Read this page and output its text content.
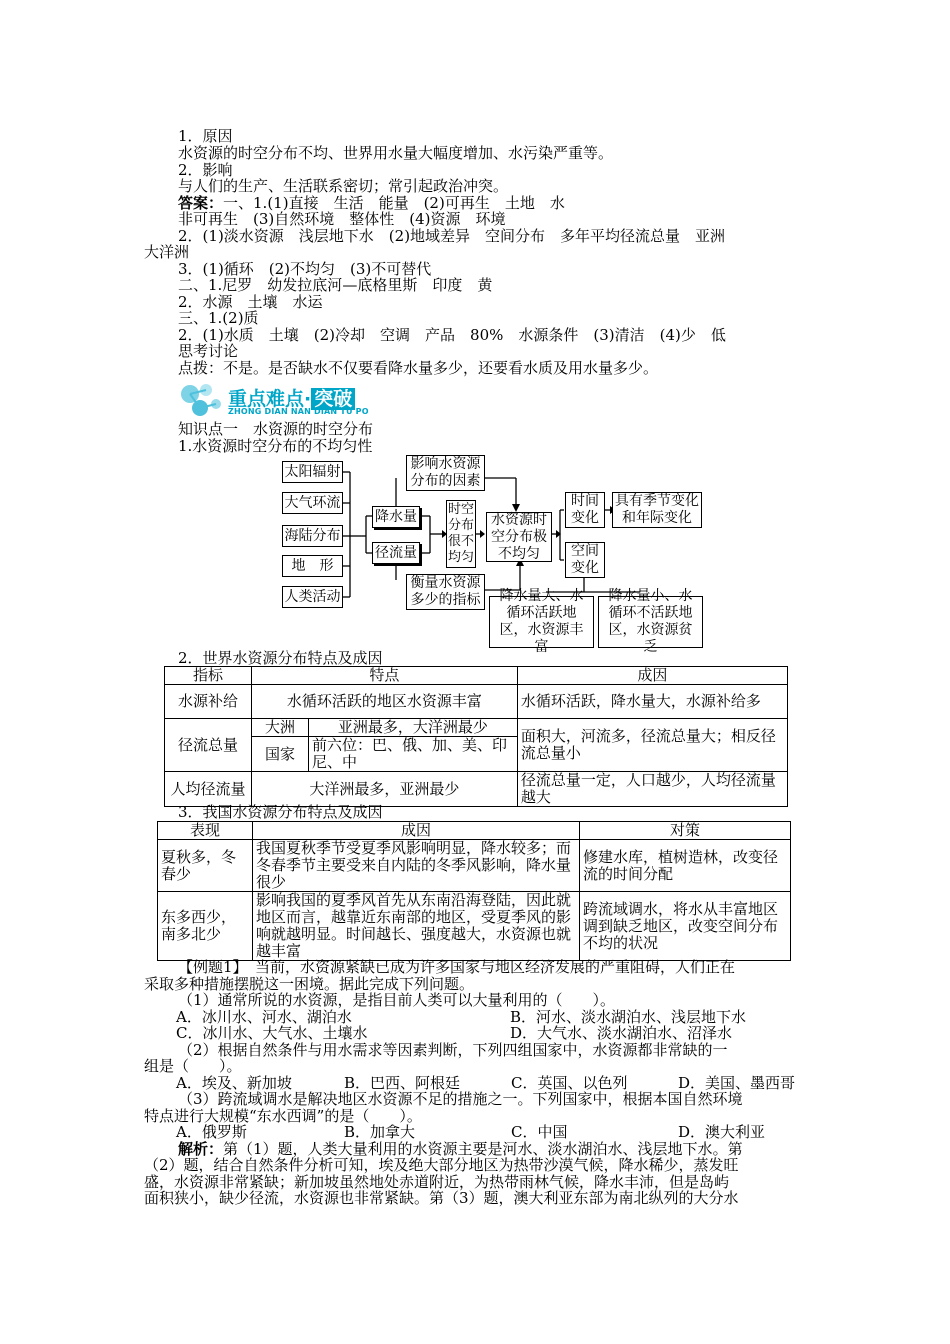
1．原因
水资源的时空分布不均、世界用水量大幅度增加、水污染严重等。
2．影响
与人们的生产、生活联系密切；常引起政治冲突。
答案：一、1.(1)直接　生活　能量　(2)可再生　土地　水
非可再生　(3)自然环境　整体性　(4)资源　环境
2．(1)淡水资源　浅层地下水　(2)地域差异　空间分布　多年平均径流总量　亚洲
大洋洲
3．(1)循环　(2)不均匀　(3)不可替代
二、1.尼罗　幼发拉底河—底格里斯　印度　黄
2．水源　土壤　水运
三、1.(2)质
2．(1)水质　土壤　(2)冷却　空调　产品　80%　水源条件　(3)清洁　(4)少　低
思考讨论
点拨：不是。是否缺水不仅要看降水量多少，还要看水质及用水量多少。
重点难点· 突破
ZHONG DIAN NAN DIAN TU PO
知识点一　水资源的时空分布
1.水资源时空分布的不均匀性
太阳辐射
大气环流
海陆分布
地　形
人类活动
影响水资源分布的因素
降水量
径流量
衡量水资源多少的指标
时空分布很不均匀
水资源时空分布极不均匀
时间变化
具有季节变化和年际变化
空间变化
降水量大、水循环活跃地区，水资源丰富
降水量小、水循环不活跃地区，水资源贫乏
2．世界水资源分布特点及成因
指标	特点		成因
水源补给	水循环活跃的地区水资源丰富		水循环活跃，降水量大，水源补给多
径流总量	大洲	亚洲最多，大洋洲最少	面积大，河流多，径流总量大；相反径流总量小
	国家	前六位：巴、俄、加、美、印尼、中	
人均径流量	大洋洲最多，亚洲最少		径流总量一定，人口越少，人均径流量越大
3．我国水资源分布特点及成因
表现	成因	对策
夏秋多，冬春少	我国夏秋季节受夏季风影响明显，降水较多；而冬春季节主要受来自内陆的冬季风影响，降水量很少	修建水库，植树造林，改变径流的时间分配
东多西少，南多北少	影响我国的夏季风首先从东南沿海登陆，因此就地区而言，越靠近东南部的地区，受夏季风的影响就越明显。时间越长、强度越大，水资源也就越丰富	跨流域调水，将水从丰富地区调到缺乏地区，改变空间分布不均的状况
【例题1】　当前，水资源紧缺已成为许多国家与地区经济发展的严重阻碍，人们正在
采取多种措施摆脱这一困境。据此完成下列问题。
（1）通常所说的水资源，是指目前人类可以大量利用的（　　）。
A．冰川水、河水、湖泊水	B．河水、淡水湖泊水、浅层地下水
C．冰川水、大气水、土壤水	D．大气水、淡水湖泊水、沼泽水
（2）根据自然条件与用水需求等因素判断，下列四组国家中，水资源都非常缺的一
组是（　　）。
A．埃及、新加坡	B．巴西、阿根廷	C．英国、以色列	D．美国、墨西哥
（3）跨流域调水是解决地区水资源不足的措施之一。下列国家中，根据本国自然环境
特点进行大规模“东水西调”的是（　　）。
A．俄罗斯	B．加拿大	C．中国	D．澳大利亚
解析：第（1）题，人类大量利用的水资源主要是河水、淡水湖泊水、浅层地下水。第
（2）题，结合自然条件分析可知，埃及绝大部分地区为热带沙漠气候，降水稀少，蒸发旺
盛，水资源非常紧缺；新加坡虽然地处赤道附近，为热带雨林气候，降水丰沛，但是岛屿
面积狭小，缺少径流，水资源也非常紧缺。第（3）题，澳大利亚东部为南北纵列的大分水
